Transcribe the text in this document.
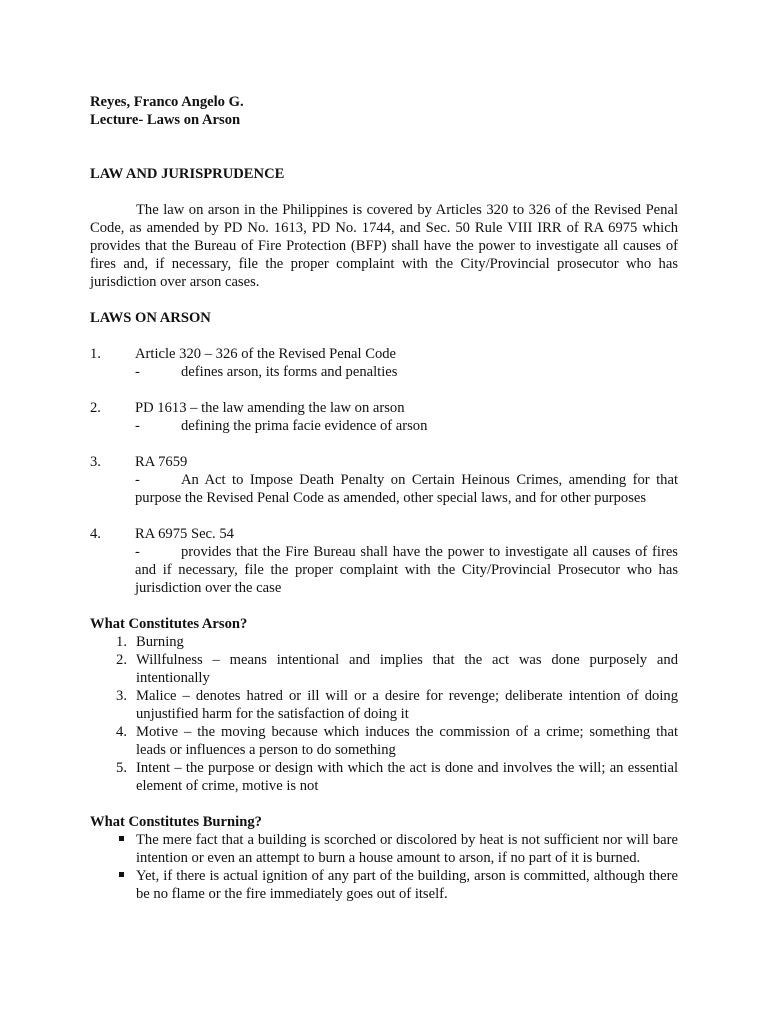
Reyes, Franco Angelo G.

Lecture- Laws on Arson

LAW AND JURISPRUDENCE

The law on arson in the Philippines is covered by Articles 320 to 326 of the Revised Penal Code, as amended by PD No. 1613, PD No. 1744, and Sec. 50 Rule VIII IRR of RA 6975 which provides that the Bureau of Fire Protection (BFP) shall have the power to investigate all causes of fires and, if necessary, file the proper complaint with the City/Provincial prosecutor who has jurisdiction over arson cases.

LAWS ON ARSON

1.	Article 320 – 326 of the Revised Penal Code
-	defines arson, its forms and penalties
2.	PD 1613 – the law amending the law on arson
-	defining the prima facie evidence of arson
3.	RA 7659
-	An Act to Impose Death Penalty on Certain Heinous Crimes, amending for that purpose the Revised Penal Code as amended, other special laws, and for other purposes
4.	RA 6975 Sec. 54
-	provides that the Fire Bureau shall have the power to investigate all causes of fires and if necessary, file the proper complaint with the City/Provincial Prosecutor who has jurisdiction over the case

What Constitutes Arson?

1. Burning
2. Willfulness – means intentional and implies that the act was done purposely and intentionally
3. Malice – denotes hatred or ill will or a desire for revenge; deliberate intention of doing unjustified harm for the satisfaction of doing it
4. Motive – the moving because which induces the commission of a crime; something that leads or influences a person to do something
5. Intent – the purpose or design with which the act is done and involves the will; an essential element of crime, motive is not

What Constitutes Burning?

The mere fact that a building is scorched or discolored by heat is not sufficient nor will bare intention or even an attempt to burn a house amount to arson, if no part of it is burned.
Yet, if there is actual ignition of any part of the building, arson is committed, although there be no flame or the fire immediately goes out of itself.
